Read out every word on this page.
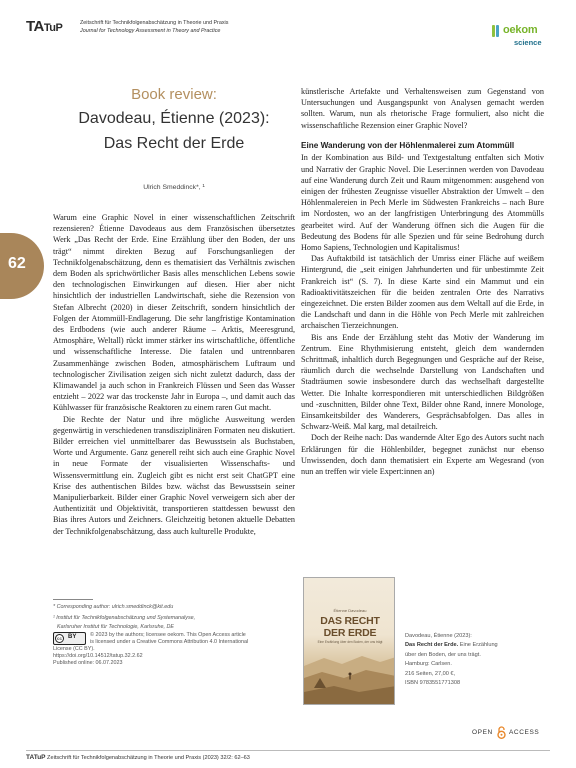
TATuP	Zeitschrift für Technikfolgenabschätzung in Theorie und Praxis
Journal for Technology Assessment in Theory and Practice	oekom
science
62
Book review:
Davodeau, Étienne (2023):
Das Recht der Erde
Ulrich Smeddinck*, ¹

Warum eine Graphic Novel in einer wissenschaftlichen Zeitschrift rezensieren? Étienne Davodeaus aus dem Französischen übersetztes Werk „Das Recht der Erde. Eine Erzählung über den Boden, der uns trägt“ nimmt direkten Bezug auf Forschungsanliegen der Technikfolgenabschätzung, denn es thematisiert das Verhältnis zwischen dem Boden als sprichwörtlicher Basis alles menschlichen Lebens sowie den technologischen Einwirkungen auf diesen. Hier aber nicht hinsichtlich der industriellen Landwirtschaft, siehe die Rezension von Stefan Albrecht (2020) in dieser Zeitschrift, sondern hinsichtlich der Folgen der Atommüll-Endlagerung. Die sehr langfristige Kontamination des Erdbodens (wie auch anderer Räume – Arktis, Meeresgrund, Atmosphäre, Weltall) rückt immer stärker ins wirtschaftliche, öffentliche und wissenschaftliche Interesse. Die fatalen und untrennbaren Zusammenhänge zwischen Boden, atmosphärischem Luftraum und technologischer Zivilisation zeigen sich nicht zuletzt dadurch, dass der Klimawandel ja auch schon in Frankreich Flüssen und Seen das Wasser entzieht – 2022 war das trockenste Jahr in Europa –, und damit auch das Kühlwasser für französische Reaktoren zu einem raren Gut macht.

Die Rechte der Natur und ihre mögliche Ausweitung werden gegenwärtig in verschiedenen transdisziplinären Formaten neu diskutiert. Bilder erreichen viel unmittelbarer das Bewusstsein als Buchstaben, Worte und Argumente. Ganz generell reiht sich auch eine Graphic Novel in neue Formate der visualisierten Wissenschafts- und Wissensvermittlung ein. Zugleich gibt es nicht erst seit ChatGPT eine Krise des authentischen Bildes bzw. wächst das Bewusstsein seiner Manipulierbarkeit. Bilder einer Graphic Novel verweigern sich aber der Authentizität und Objektivität, transportieren stattdessen bewusst den Bias ihres Autors und Zeichners. Gleichzeitig betonen aktuelle Debatten der Technikfolgenabschätzung, dass auch kulturelle Produkte,

künstlerische Artefakte und Verhaltensweisen zum Gegenstand von Untersuchungen und Ausgangspunkt von Analysen gemacht werden sollten. Warum, nun als rhetorische Frage formuliert, also nicht die wissenschaftliche Rezension einer Graphic Novel?

Eine Wanderung von der Höhlenmalerei zum Atommüll

In der Kombination aus Bild- und Textgestaltung entfalten sich Motiv und Narrativ der Graphic Novel. Die Leser:innen werden von Davodeau auf eine Wanderung durch Zeit und Raum mitgenommen: ausgehend von einigen der frühesten Zeugnisse visueller Abstraktion der Umwelt – den Höhlenmalereien in Pech Merle im Südwesten Frankreichs – nach Bure im Nordosten, wo an der langfristigen Unterbringung des Atommülls gearbeitet wird. Auf der Wanderung öffnen sich die Augen für die Bedeutung des Bodens für alle Spezien und für seine Bedrohung durch Homo Sapiens, Technologien und Kapitalismus!

Das Auftaktbild ist tatsächlich der Umriss einer Fläche auf weißem Hintergrund, die „seit einigen Jahrhunderten und für unbestimmte Zeit Frankreich ist“ (S. 7). In diese Karte sind ein Mammut und ein Radioaktivitätszeichen für die beiden zentralen Orte des Narrativs eingezeichnet. Die ersten Bilder zoomen aus dem Weltall auf die Erde, in die Landschaft und dann in die Höhle von Pech Merle mit zahlreichen archaischen Tierzeichnungen.

Bis ans Ende der Erzählung steht das Motiv der Wanderung im Zentrum. Eine Rhythmisierung entsteht, gleich dem wandernden Schrittmaß, inhaltlich durch Begegnungen und Gespräche auf der Reise, räumlich durch die wechselnde Darstellung von Landschaften und Stadträumen sowie insbesondere durch das wechselhaft dargestellte Wetter. Die Inhalte korrespondieren mit unterschiedlichen Bildgrößen und -zuschnitten, Bilder ohne Text, Bilder ohne Rand, innere Monologe, Einsamkeitsbilder des Wanderers, Gesprächsabfolgen. Das alles in Schwarz-Weiß. Mal karg, mal detailreich.

Doch der Reihe nach: Das wandernde Alter Ego des Autors sucht nach Erklärungen für die Höhlenbilder, begegnet zunächst nur ebenso Unwissenden, doch dann thematisiert ein Experte am Wegesrand (von nun an treffen wir viele Expert:innen an)

* Corresponding author: ulrich.smeddinck@kit.edu
¹ Institut für Technikfolgenabschätzung und Systemanalyse,
Karlsruher Institut für Technologie, Karlsruhe, DE
cc	BY	© 2023 by the authors; licensee oekom. This Open Access article
is licensed under a Creative Commons Attribution 4.0 International
License (CC BY).
https://doi.org/10.14512/tatup.32.2.62
Published online: 06.07.2023
Étienne Davodeau
DAS RECHT
DER ERDE
Eine Erzählung über den Boden, der uns trägt
Davodeau, Étienne (2023):
Das Recht der Erde. Eine Erzählung
über den Boden, der uns trägt.
Hamburg: Carlsen.
216 Seiten, 27,00 €,
ISBN 9783551771308
OPEN ACCESS
TATuP Zeitschrift für Technikfolgenabschätzung in Theorie und Praxis (2023) 32/2: 62–63
